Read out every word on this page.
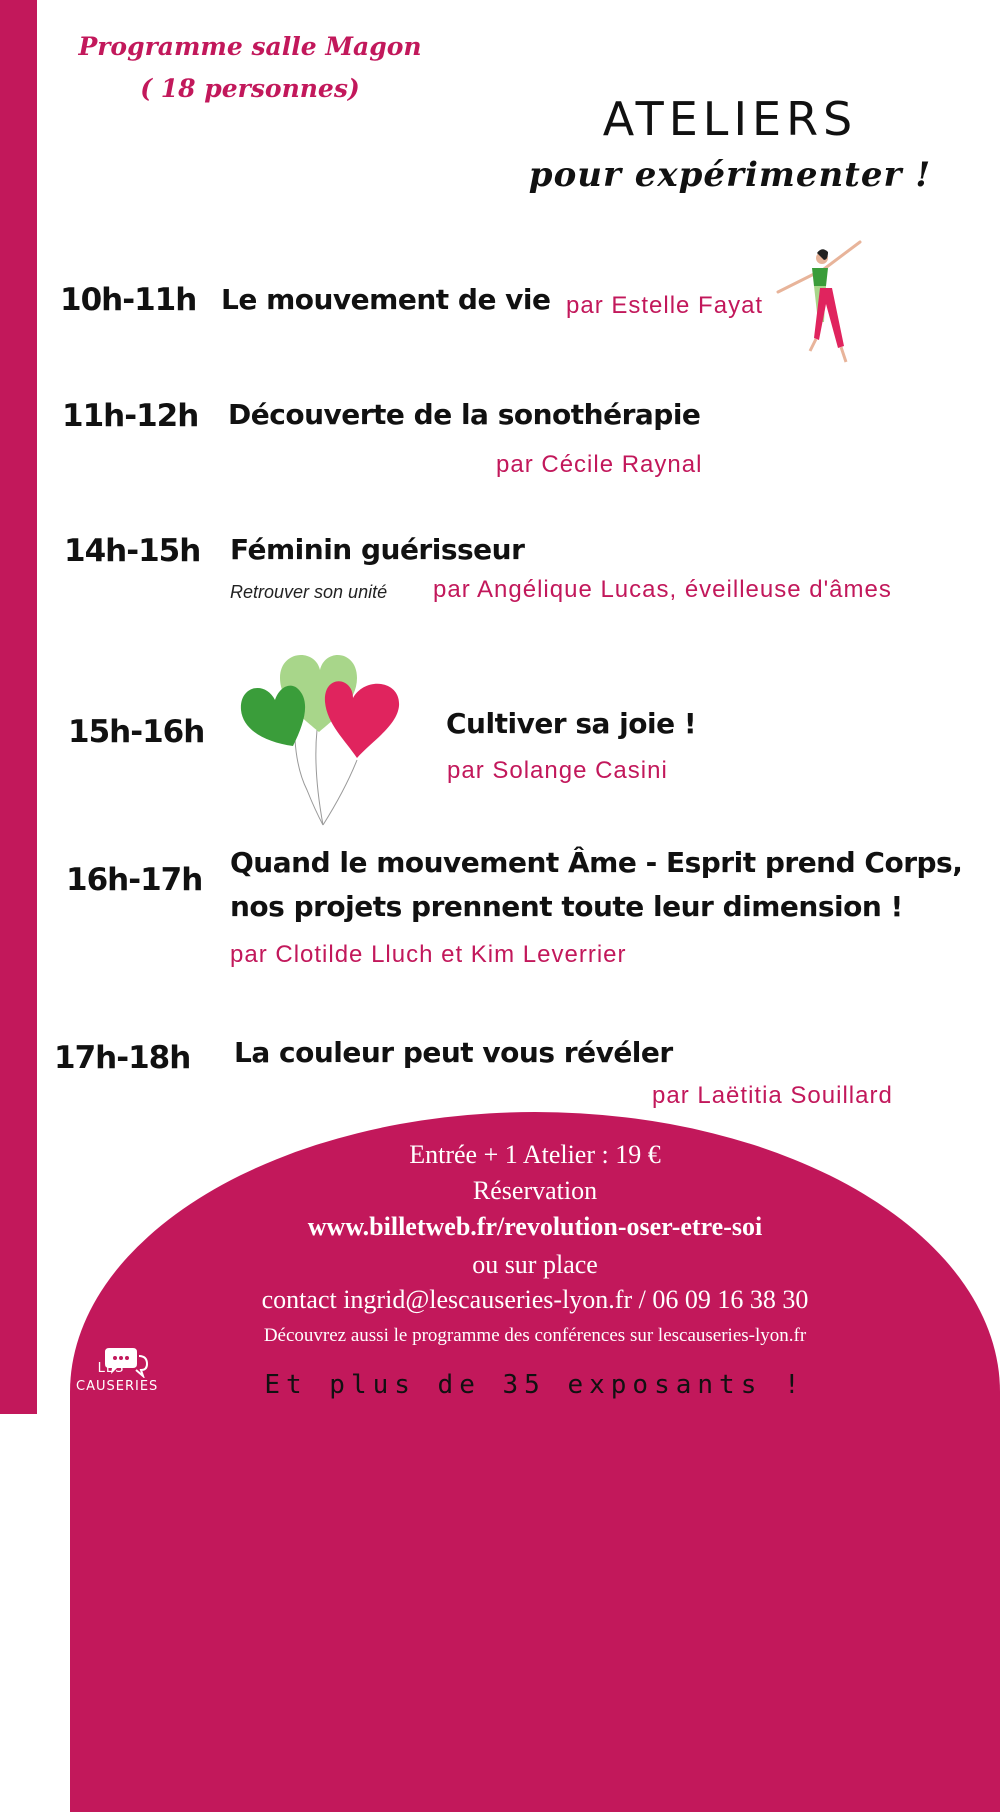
Programme salle Magon
( 18 personnes)
ATELIERS
pour expérimenter !
10h-11h Le mouvement de vie par Estelle Fayat
11h-12h Découverte de la sonothérapie
par Cécile Raynal
14h-15h Féminin guérisseur
Retrouver son unité par Angélique Lucas, éveilleuse d'âmes
15h-16h	Cultiver sa joie !
par Solange Casini
16h-17h Quand le mouvement Âme - Esprit prend Corps,
nos projets prennent toute leur dimension !
par Clotilde Lluch et Kim Leverrier
17h-18h La couleur peut vous révéler
par Laëtitia Souillard
Entrée + 1 Atelier : 19 €
Réservation
www.billetweb.fr/revolution-oser-etre-soi
ou sur place
contact ingrid@lescauseries-lyon.fr / 06 09 16 38 30
Découvrez aussi le programme des conférences sur lescauseries-lyon.fr
LES
CAUSERIES	Et plus de 35 exposants !
